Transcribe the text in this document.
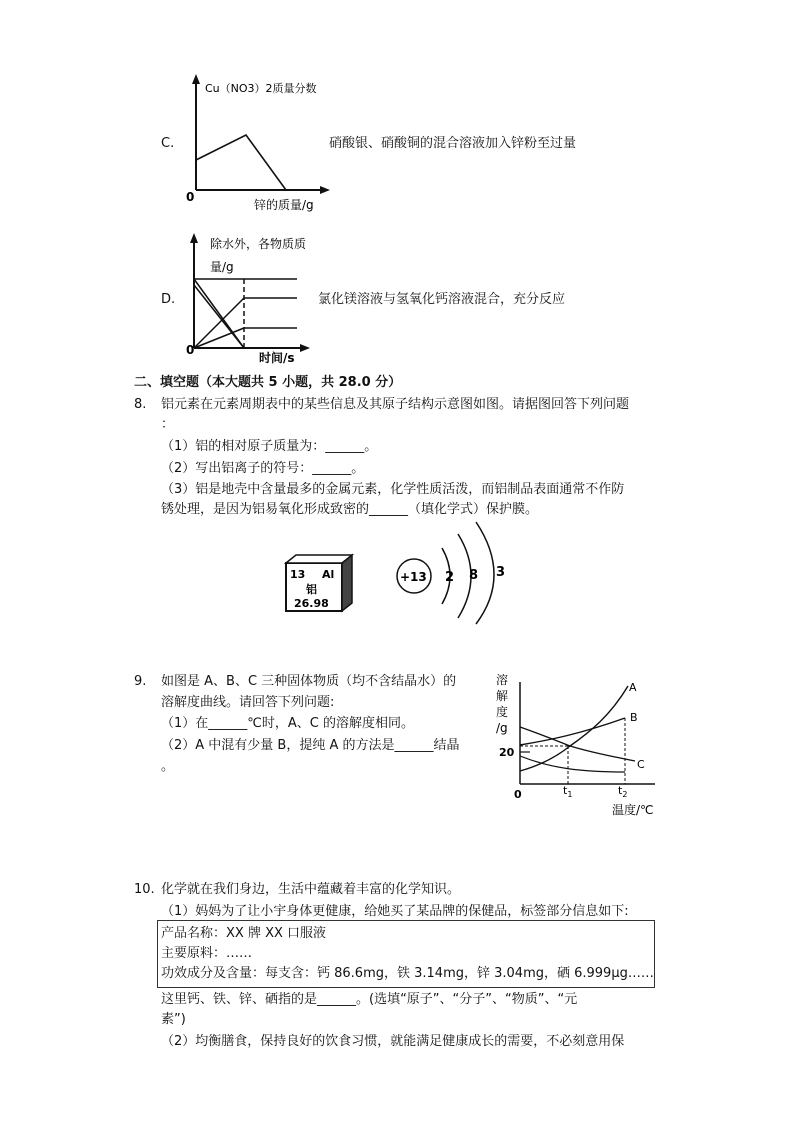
C.
Cu（NO3）2质量分数
0
锌的质量/g
硝酸银、硝酸铜的混合溶液加入锌粉至过量
D.
除水外，各物质质
量/g
0
时间/s
氯化镁溶液与氢氧化钙溶液混合，充分反应
二、填空题（本大题共 5 小题，共 28.0 分）
8. 铝元素在元素周期表中的某些信息及其原子结构示意图如图。请据图回答下列问题
：
（1）铝的相对原子质量为：______。
（2）写出铝离子的符号：______。
（3）铝是地壳中含量最多的金属元素，化学性质活泼，而铝制品表面通常不作防
锈处理，是因为铝易氧化形成致密的______（填化学式）保护膜。
13 Al
铝
26.98
+13 2 8 3
9. 如图是 A、B、C 三种固体物质（均不含结晶水）的
溶解度曲线。请回答下列问题:
（1）在______℃时，A、C 的溶解度相同。
（2）A 中混有少量 B，提纯 A 的方法是______结晶
。
溶
解
度
/g
20
0
A
B
C
$t_1$	$t_2$
温度/℃
10. 化学就在我们身边，生活中蕴藏着丰富的化学知识。
（1）妈妈为了让小宇身体更健康，给她买了某品牌的保健品，标签部分信息如下:
产品名称：XX 牌 XX 口服液
主要原料：……
功效成分及含量：每支含：钙 86.6mg，铁 3.14mg，锌 3.04mg，硒 6.999μg……
这里钙、铁、锌、硒指的是______。(选填“原子”、“分子”、“物质”、“元
素”)
（2）均衡膳食，保持良好的饮食习惯，就能满足健康成长的需要，不必刻意用保
